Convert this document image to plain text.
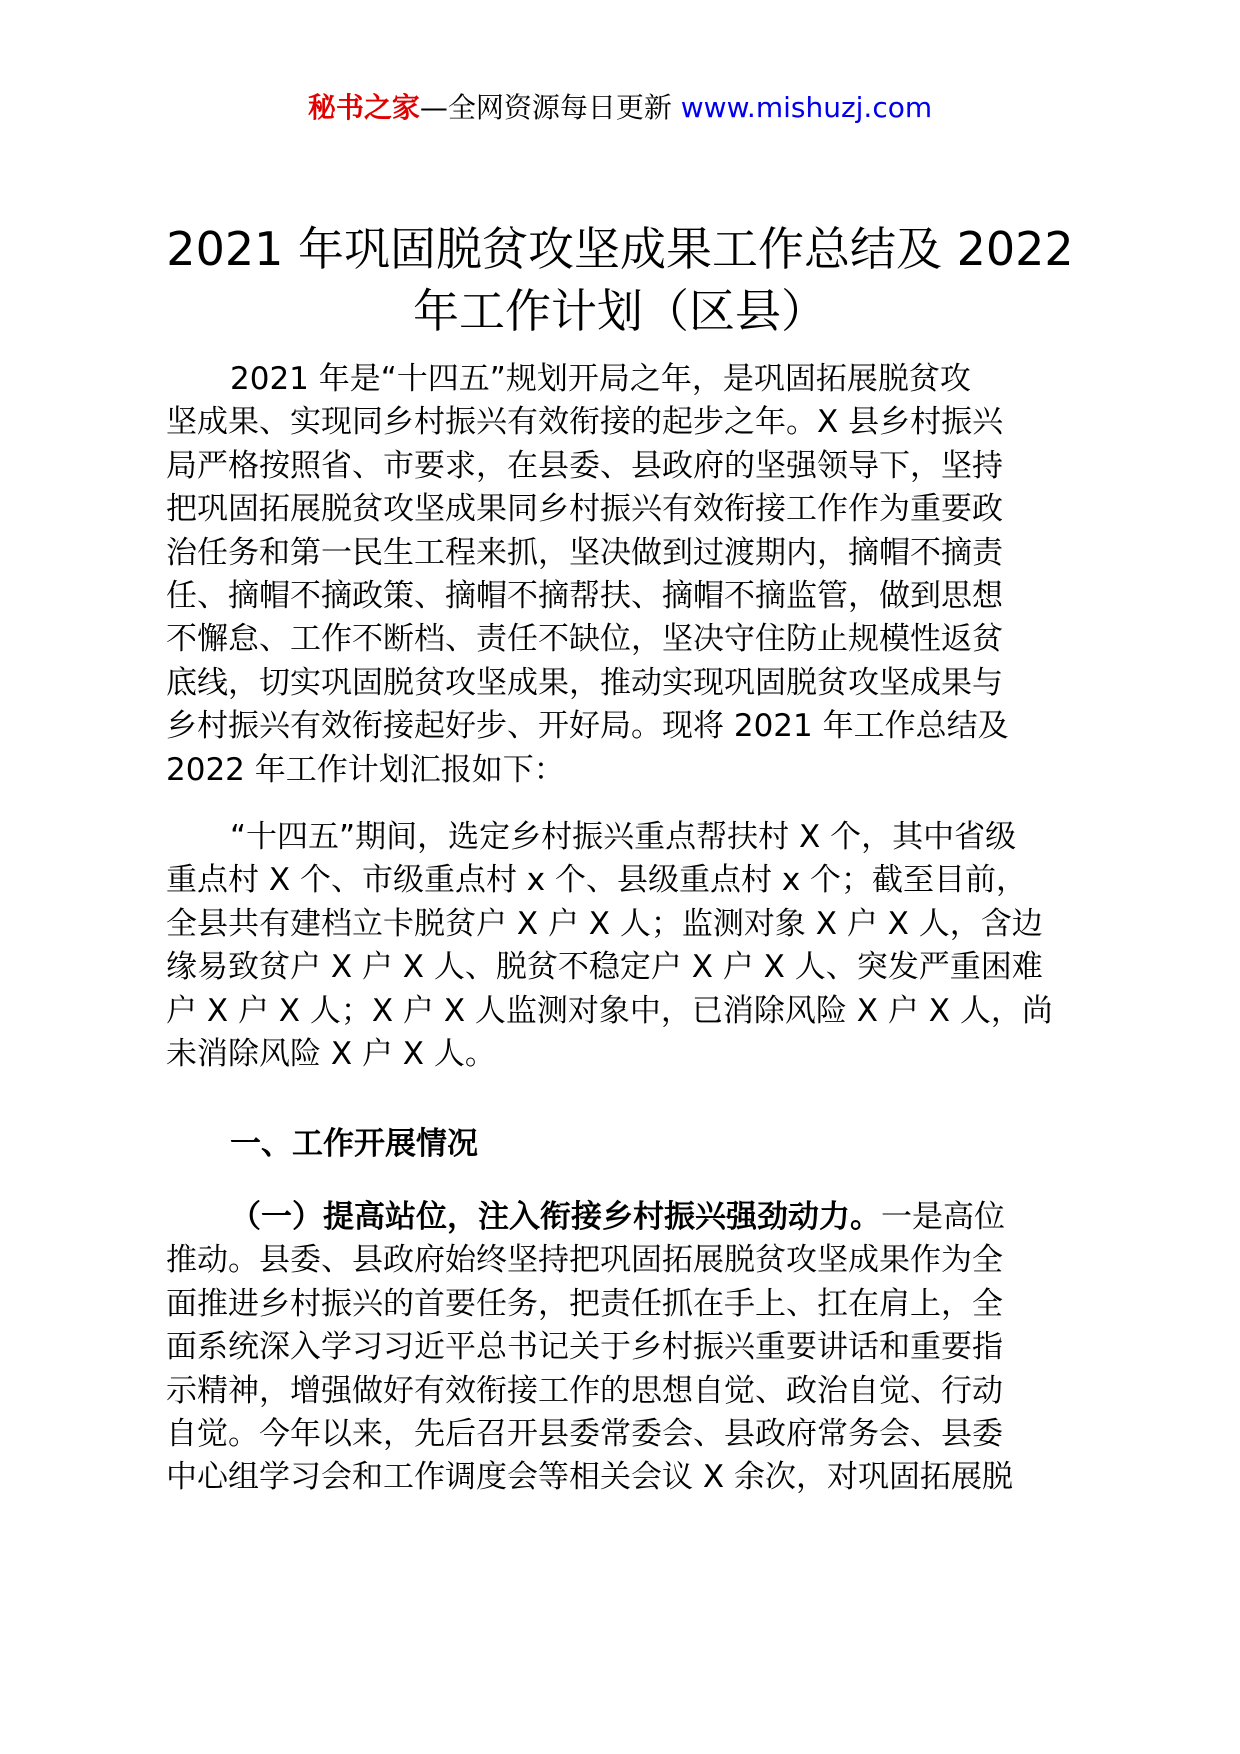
秘书之家—全网资源每日更新 www.mishuzj.com
2021 年巩固脱贫攻坚成果工作总结及 2022
年工作计划（区县）
2021 年是“十四五”规划开局之年，是巩固拓展脱贫攻
坚成果、实现同乡村振兴有效衔接的起步之年。X 县乡村振兴
局严格按照省、市要求，在县委、县政府的坚强领导下，坚持
把巩固拓展脱贫攻坚成果同乡村振兴有效衔接工作作为重要政
治任务和第一民生工程来抓，坚决做到过渡期内，摘帽不摘责
任、摘帽不摘政策、摘帽不摘帮扶、摘帽不摘监管，做到思想
不懈怠、工作不断档、责任不缺位，坚决守住防止规模性返贫
底线，切实巩固脱贫攻坚成果，推动实现巩固脱贫攻坚成果与
乡村振兴有效衔接起好步、开好局。现将 2021 年工作总结及
2022 年工作计划汇报如下：
“十四五”期间，选定乡村振兴重点帮扶村 X 个，其中省级
重点村 X 个、市级重点村 x 个、县级重点村 x 个；截至目前，
全县共有建档立卡脱贫户 X 户 X 人；监测对象 X 户 X 人，含边
缘易致贫户 X 户 X 人、脱贫不稳定户 X 户 X 人、突发严重困难
户 X 户 X 人；X 户 X 人监测对象中，已消除风险 X 户 X 人，尚
未消除风险 X 户 X 人。
一、工作开展情况
（一）提高站位，注入衔接乡村振兴强劲动力。一是高位
推动。县委、县政府始终坚持把巩固拓展脱贫攻坚成果作为全
面推进乡村振兴的首要任务，把责任抓在手上、扛在肩上，全
面系统深入学习习近平总书记关于乡村振兴重要讲话和重要指
示精神，增强做好有效衔接工作的思想自觉、政治自觉、行动
自觉。今年以来，先后召开县委常委会、县政府常务会、县委
中心组学习会和工作调度会等相关会议 X 余次，对巩固拓展脱
